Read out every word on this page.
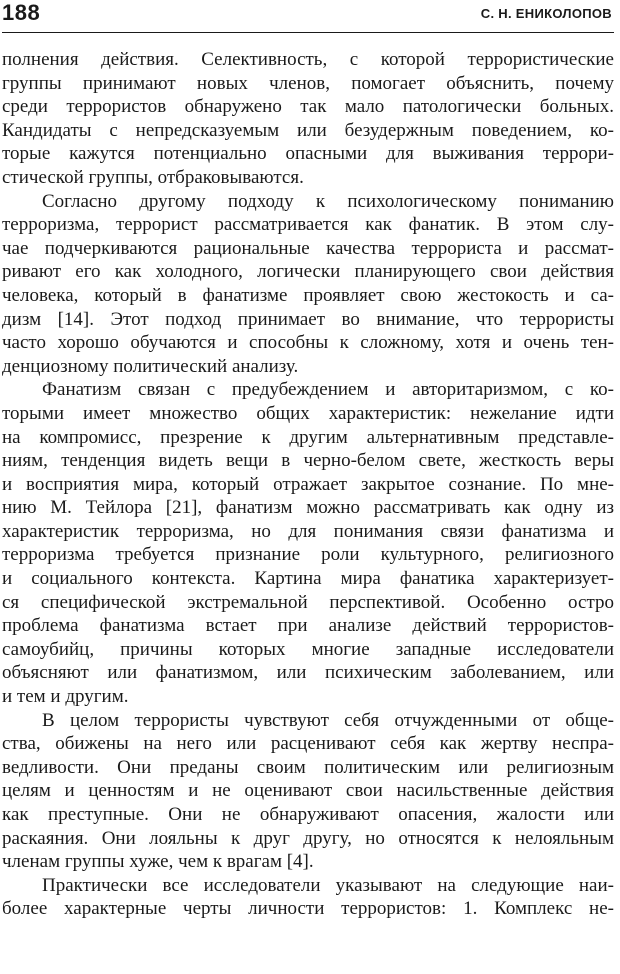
188	С. Н. ЕНИКОЛОПОВ
полнения действия. Селективность, с которой террористические
группы принимают новых членов, помогает объяснить, почему
среди террористов обнаружено так мало патологически больных.
Кандидаты с непредсказуемым или безудержным поведением, ко-
торые кажутся потенциально опасными для выживания террори-
стической группы, отбраковываются.
Согласно другому подходу к психологическому пониманию
терроризма, террорист рассматривается как фанатик. В этом слу-
чае подчеркиваются рациональные качества террориста и рассмат-
ривают его как холодного, логически планирующего свои действия
человека, который в фанатизме проявляет свою жестокость и са-
дизм [14]. Этот подход принимает во внимание, что террористы
часто хорошо обучаются и способны к сложному, хотя и очень тен-
денциозному политический анализу.
Фанатизм связан с предубеждением и авторитаризмом, с ко-
торыми имеет множество общих характеристик: нежелание идти
на компромисс, презрение к другим альтернативным представле-
ниям, тенденция видеть вещи в черно-белом свете, жесткость веры
и восприятия мира, который отражает закрытое сознание. По мне-
нию М. Тейлора [21], фанатизм можно рассматривать как одну из
характеристик терроризма, но для понимания связи фанатизма и
терроризма требуется признание роли культурного, религиозного
и социального контекста. Картина мира фанатика характеризует-
ся специфической экстремальной перспективой. Особенно остро
проблема фанатизма встает при анализе действий террористов-
самоубийц, причины которых многие западные исследователи
объясняют или фанатизмом, или психическим заболеванием, или
и тем и другим.
В целом террористы чувствуют себя отчужденными от обще-
ства, обижены на него или расценивают себя как жертву неспра-
ведливости. Они преданы своим политическим или религиозным
целям и ценностям и не оценивают свои насильственные действия
как преступные. Они не обнаруживают опасения, жалости или
раскаяния. Они лояльны к друг другу, но относятся к нелояльным
членам группы хуже, чем к врагам [4].
Практически все исследователи указывают на следующие наи-
более характерные черты личности террористов: 1. Комплекс не-
